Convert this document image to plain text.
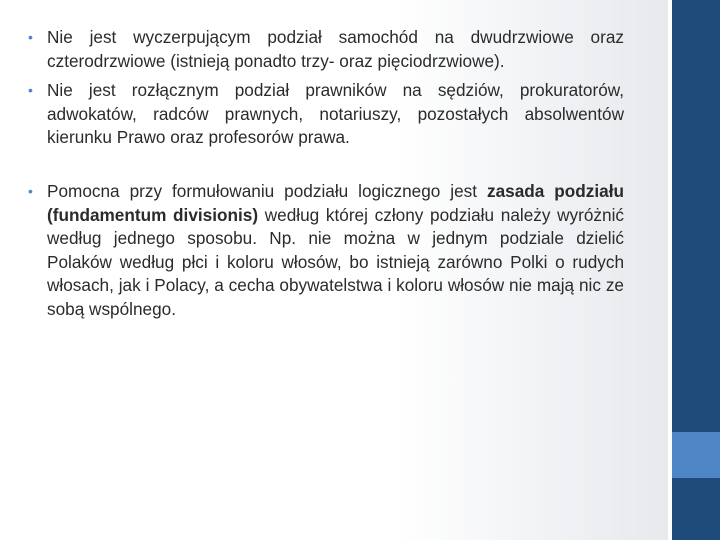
• Nie jest wyczerpującym podział samochód na dwudrzwiowe oraz czterodrzwiowe (istnieją ponadto trzy- oraz pięciodrzwiowe).

• Nie jest rozłącznym podział prawników na sędziów, prokuratorów, adwokatów, radców prawnych, notariuszy, pozostałych absolwentów kierunku Prawo oraz profesorów prawa.

• Pomocna przy formułowaniu podziału logicznego jest zasada podziału (fundamentum divisionis) według której człony podziału należy wyróżnić według jednego sposobu. Np. nie można w jednym podziale dzielić Polaków według płci i koloru włosów, bo istnieją zarówno Polki o rudych włosach, jak i Polacy, a cecha obywatelstwa i koloru włosów nie mają nic ze sobą wspólnego.
